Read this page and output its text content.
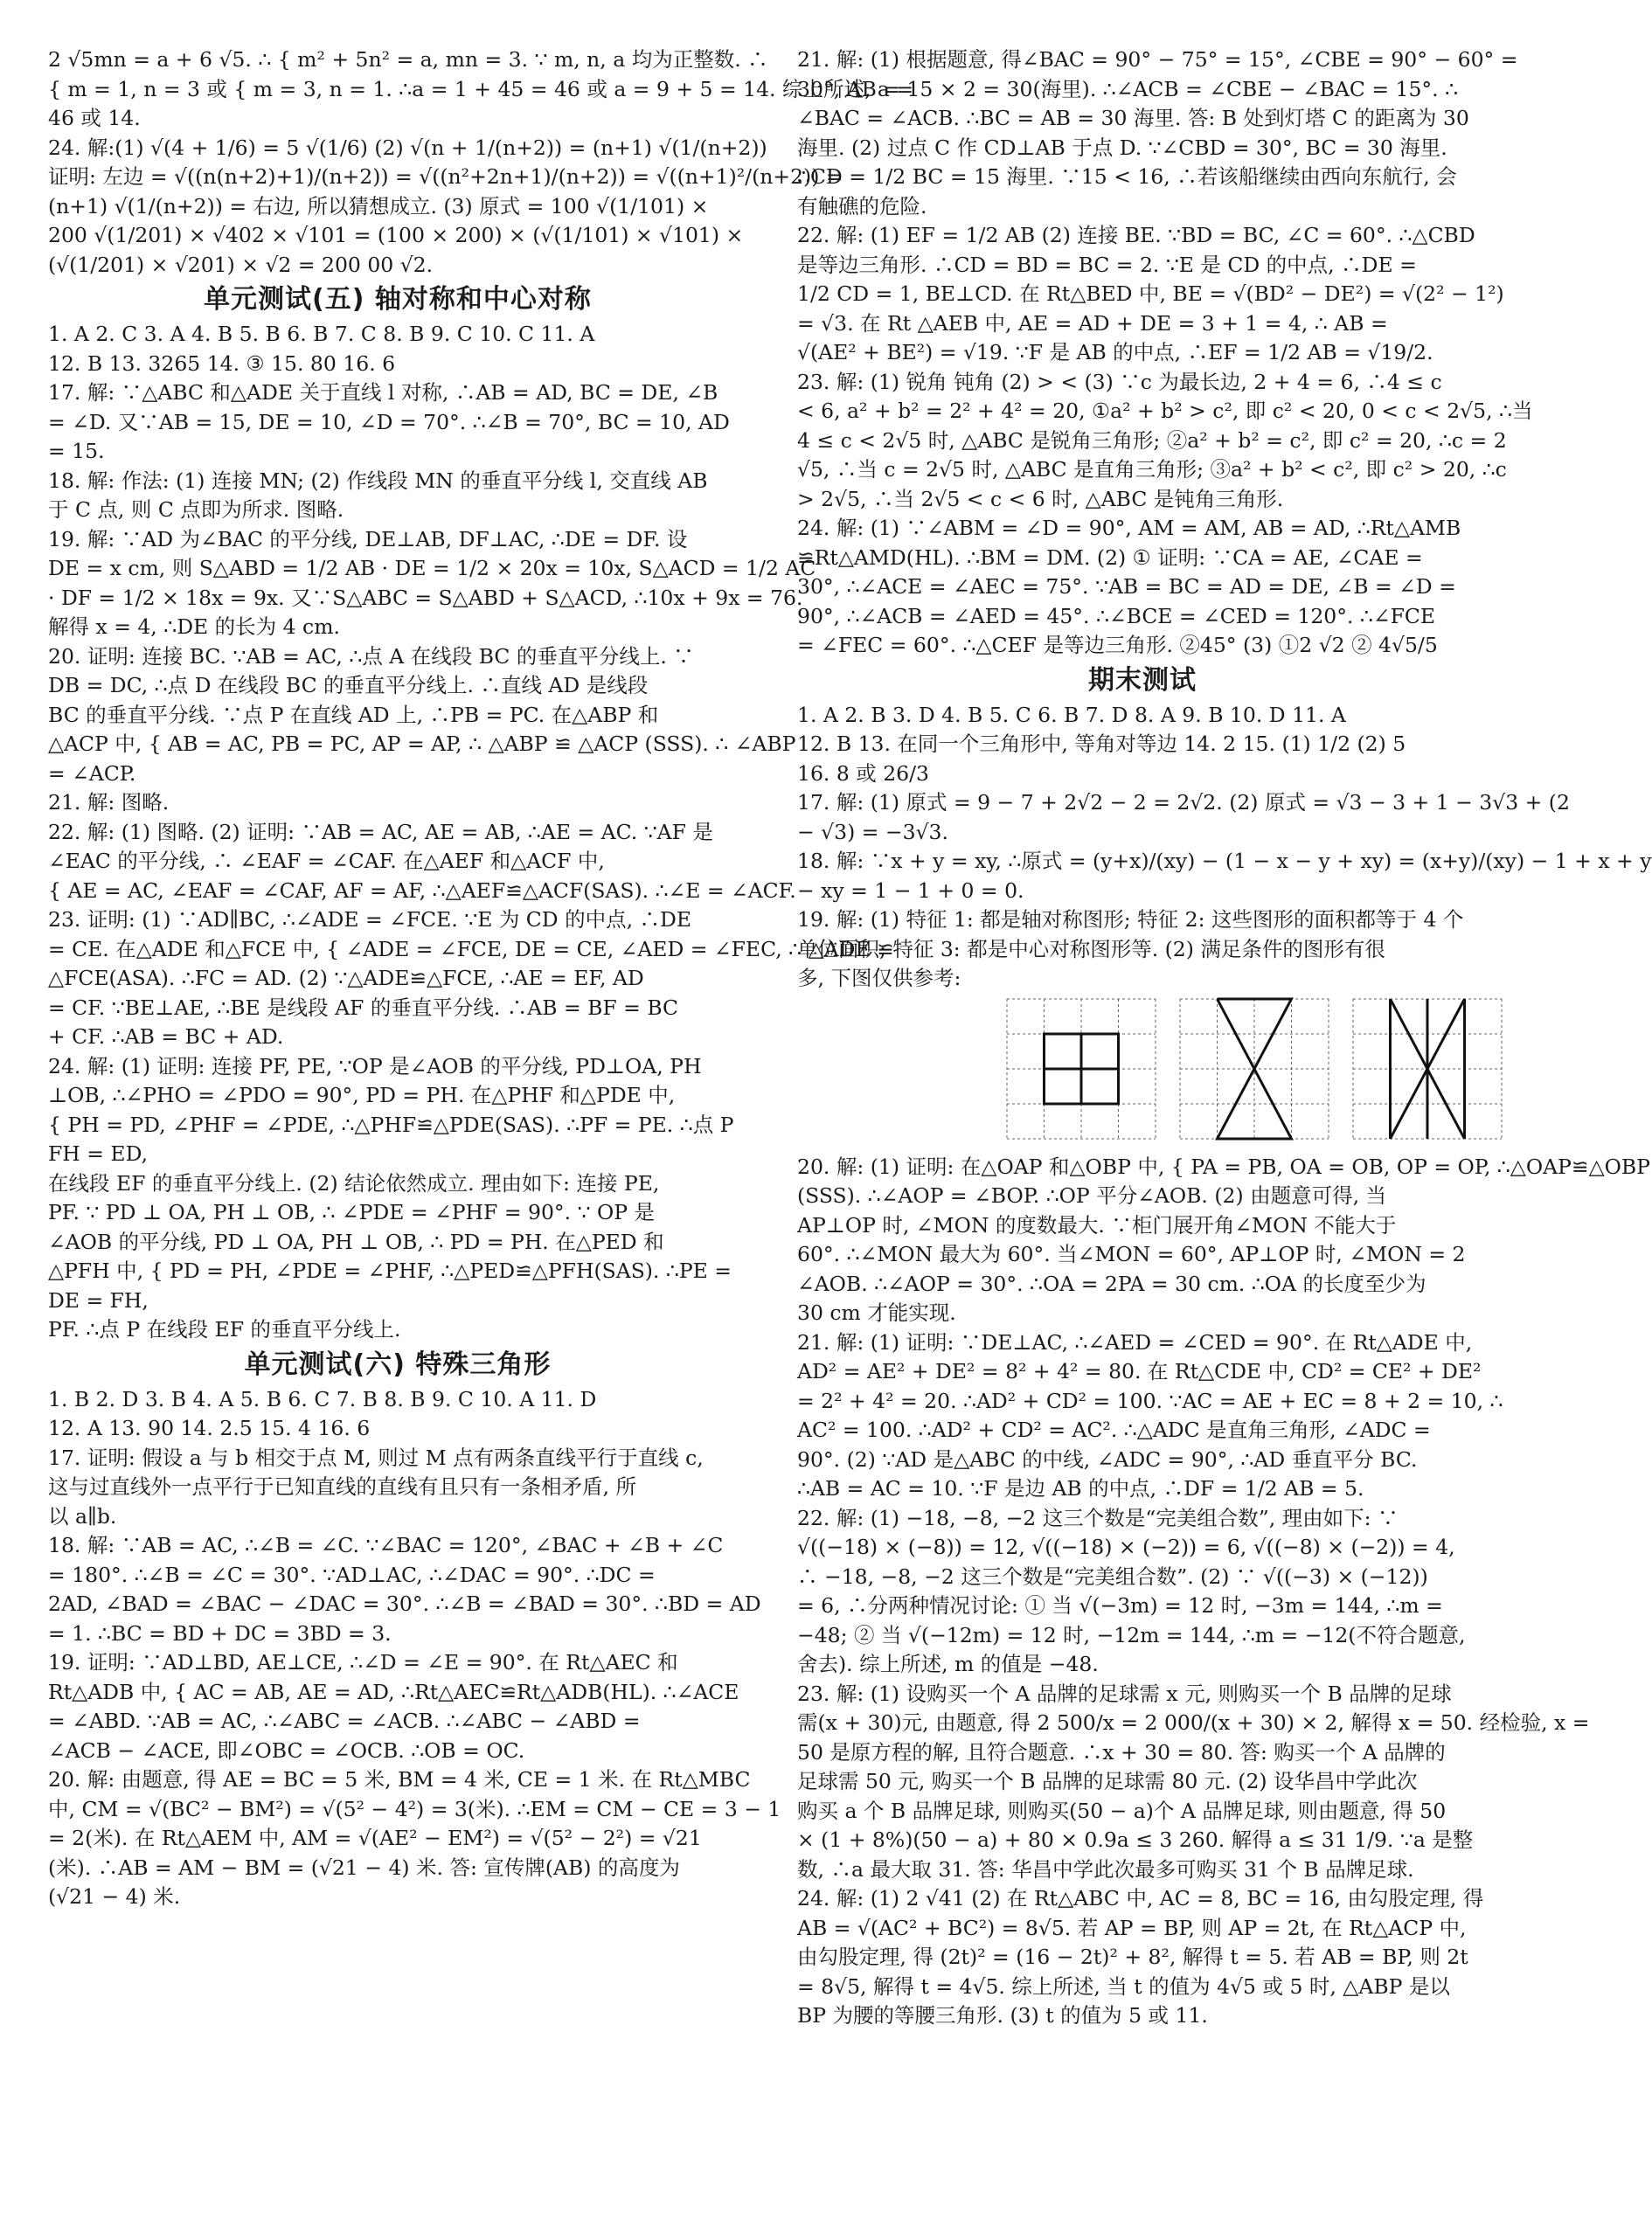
2 √5mn = a + 6 √5. ∴ { m² + 5n² = a, mn = 3. ∵ m, n, a 均为正整数. ∴
{ m = 1, n = 3 或 { m = 3, n = 1. ∴a = 1 + 45 = 46 或 a = 9 + 5 = 14. 综上所述, a =
46 或 14.
24. 解:(1) √(4 + 1/6) = 5 √(1/6) (2) √(n + 1/(n+2)) = (n+1) √(1/(n+2))
证明: 左边 = √((n(n+2)+1)/(n+2)) = √((n²+2n+1)/(n+2)) = √((n+1)²/(n+2)) =
(n+1) √(1/(n+2)) = 右边, 所以猜想成立. (3) 原式 = 100 √(1/101) ×
200 √(1/201) × √402 × √101 = (100 × 200) × (√(1/101) × √101) ×
(√(1/201) × √201) × √2 = 200 00 √2.
单元测试(五) 轴对称和中心对称
1. A 2. C 3. A 4. B 5. B 6. B 7. C 8. B 9. C 10. C 11. A
12. B 13. 3265 14. ③ 15. 80 16. 6
17. 解: ∵△ABC 和△ADE 关于直线 l 对称, ∴AB = AD, BC = DE, ∠B
= ∠D. 又∵AB = 15, DE = 10, ∠D = 70°. ∴∠B = 70°, BC = 10, AD
= 15.
18. 解: 作法: (1) 连接 MN; (2) 作线段 MN 的垂直平分线 l, 交直线 AB
于 C 点, 则 C 点即为所求. 图略.
19. 解: ∵AD 为∠BAC 的平分线, DE⊥AB, DF⊥AC, ∴DE = DF. 设
DE = x cm, 则 S△ABD = 1/2 AB · DE = 1/2 × 20x = 10x, S△ACD = 1/2 AC
· DF = 1/2 × 18x = 9x. 又∵S△ABC = S△ABD + S△ACD, ∴10x + 9x = 76.
解得 x = 4, ∴DE 的长为 4 cm.
20. 证明: 连接 BC. ∵AB = AC, ∴点 A 在线段 BC 的垂直平分线上. ∵
DB = DC, ∴点 D 在线段 BC 的垂直平分线上. ∴直线 AD 是线段
BC 的垂直平分线. ∵点 P 在直线 AD 上, ∴PB = PC. 在△ABP 和
△ACP 中, { AB = AC, PB = PC, AP = AP, ∴ △ABP ≌ △ACP (SSS). ∴ ∠ABP
= ∠ACP.
21. 解: 图略.
22. 解: (1) 图略. (2) 证明: ∵AB = AC, AE = AB, ∴AE = AC. ∵AF 是
∠EAC 的平分线, ∴ ∠EAF = ∠CAF. 在△AEF 和△ACF 中,
{ AE = AC, ∠EAF = ∠CAF, AF = AF, ∴△AEF≌△ACF(SAS). ∴∠E = ∠ACF.
23. 证明: (1) ∵AD∥BC, ∴∠ADE = ∠FCE. ∵E 为 CD 的中点, ∴DE
= CE. 在△ADE 和△FCE 中, { ∠ADE = ∠FCE, DE = CE, ∠AED = ∠FEC, ∴ △ADE ≌
△FCE(ASA). ∴FC = AD. (2) ∵△ADE≌△FCE, ∴AE = EF, AD
= CF. ∵BE⊥AE, ∴BE 是线段 AF 的垂直平分线. ∴AB = BF = BC
+ CF. ∴AB = BC + AD.
24. 解: (1) 证明: 连接 PF, PE, ∵OP 是∠AOB 的平分线, PD⊥OA, PH
⊥OB, ∴∠PHO = ∠PDO = 90°, PD = PH. 在△PHF 和△PDE 中,
{ PH = PD, ∠PHF = ∠PDE, ∴△PHF≌△PDE(SAS). ∴PF = PE. ∴点 P
FH = ED,
在线段 EF 的垂直平分线上. (2) 结论依然成立. 理由如下: 连接 PE,
PF. ∵ PD ⊥ OA, PH ⊥ OB, ∴ ∠PDE = ∠PHF = 90°. ∵ OP 是
∠AOB 的平分线, PD ⊥ OA, PH ⊥ OB, ∴ PD = PH. 在△PED 和
△PFH 中, { PD = PH, ∠PDE = ∠PHF, ∴△PED≌△PFH(SAS). ∴PE =
DE = FH,
PF. ∴点 P 在线段 EF 的垂直平分线上.
单元测试(六) 特殊三角形
1. B 2. D 3. B 4. A 5. B 6. C 7. B 8. B 9. C 10. A 11. D
12. A 13. 90 14. 2.5 15. 4 16. 6
17. 证明: 假设 a 与 b 相交于点 M, 则过 M 点有两条直线平行于直线 c,
这与过直线外一点平行于已知直线的直线有且只有一条相矛盾, 所
以 a∥b.
18. 解: ∵AB = AC, ∴∠B = ∠C. ∵∠BAC = 120°, ∠BAC + ∠B + ∠C
= 180°. ∴∠B = ∠C = 30°. ∵AD⊥AC, ∴∠DAC = 90°. ∴DC =
2AD, ∠BAD = ∠BAC − ∠DAC = 30°. ∴∠B = ∠BAD = 30°. ∴BD = AD
= 1. ∴BC = BD + DC = 3BD = 3.
19. 证明: ∵AD⊥BD, AE⊥CE, ∴∠D = ∠E = 90°. 在 Rt△AEC 和
Rt△ADB 中, { AC = AB, AE = AD, ∴Rt△AEC≌Rt△ADB(HL). ∴∠ACE
= ∠ABD. ∵AB = AC, ∴∠ABC = ∠ACB. ∴∠ABC − ∠ABD =
∠ACB − ∠ACE, 即∠OBC = ∠OCB. ∴OB = OC.
20. 解: 由题意, 得 AE = BC = 5 米, BM = 4 米, CE = 1 米. 在 Rt△MBC
中, CM = √(BC² − BM²) = √(5² − 4²) = 3(米). ∴EM = CM − CE = 3 − 1
= 2(米). 在 Rt△AEM 中, AM = √(AE² − EM²) = √(5² − 2²) = √21
(米). ∴AB = AM − BM = (√21 − 4) 米. 答: 宣传牌(AB) 的高度为
(√21 − 4) 米.
21. 解: (1) 根据题意, 得∠BAC = 90° − 75° = 15°, ∠CBE = 90° − 60° =
30°, AB = 15 × 2 = 30(海里). ∴∠ACB = ∠CBE − ∠BAC = 15°. ∴
∠BAC = ∠ACB. ∴BC = AB = 30 海里. 答: B 处到灯塔 C 的距离为 30
海里. (2) 过点 C 作 CD⊥AB 于点 D. ∵∠CBD = 30°, BC = 30 海里.
∴CD = 1/2 BC = 15 海里. ∵15 < 16, ∴若该船继续由西向东航行, 会
有触礁的危险.
22. 解: (1) EF = 1/2 AB (2) 连接 BE. ∵BD = BC, ∠C = 60°. ∴△CBD
是等边三角形. ∴CD = BD = BC = 2. ∵E 是 CD 的中点, ∴DE =
1/2 CD = 1, BE⊥CD. 在 Rt△BED 中, BE = √(BD² − DE²) = √(2² − 1²)
= √3. 在 Rt △AEB 中, AE = AD + DE = 3 + 1 = 4, ∴ AB =
√(AE² + BE²) = √19. ∵F 是 AB 的中点, ∴EF = 1/2 AB = √19/2.
23. 解: (1) 锐角 钝角 (2) > < (3) ∵c 为最长边, 2 + 4 = 6, ∴4 ≤ c
< 6, a² + b² = 2² + 4² = 20, ①a² + b² > c², 即 c² < 20, 0 < c < 2√5, ∴当
4 ≤ c < 2√5 时, △ABC 是锐角三角形; ②a² + b² = c², 即 c² = 20, ∴c = 2
√5, ∴当 c = 2√5 时, △ABC 是直角三角形; ③a² + b² < c², 即 c² > 20, ∴c
> 2√5, ∴当 2√5 < c < 6 时, △ABC 是钝角三角形.
24. 解: (1) ∵∠ABM = ∠D = 90°, AM = AM, AB = AD, ∴Rt△AMB
≌Rt△AMD(HL). ∴BM = DM. (2) ① 证明: ∵CA = AE, ∠CAE =
30°, ∴∠ACE = ∠AEC = 75°. ∵AB = BC = AD = DE, ∠B = ∠D =
90°, ∴∠ACB = ∠AED = 45°. ∴∠BCE = ∠CED = 120°. ∴∠FCE
= ∠FEC = 60°. ∴△CEF 是等边三角形. ②45° (3) ①2 √2 ② 4√5/5
期末测试
1. A 2. B 3. D 4. B 5. C 6. B 7. D 8. A 9. B 10. D 11. A
12. B 13. 在同一个三角形中, 等角对等边 14. 2 15. (1) 1/2 (2) 5
16. 8 或 26/3
17. 解: (1) 原式 = 9 − 7 + 2√2 − 2 = 2√2. (2) 原式 = √3 − 3 + 1 − 3√3 + (2
− √3) = −3√3.
18. 解: ∵x + y = xy, ∴原式 = (y+x)/(xy) − (1 − x − y + xy) = (x+y)/(xy) − 1 + x + y
− xy = 1 − 1 + 0 = 0.
19. 解: (1) 特征 1: 都是轴对称图形; 特征 2: 这些图形的面积都等于 4 个
单位面积; 特征 3: 都是中心对称图形等. (2) 满足条件的图形有很
多, 下图仅供参考:
20. 解: (1) 证明: 在△OAP 和△OBP 中, { PA = PB, OA = OB, OP = OP, ∴△OAP≌△OBP
(SSS). ∴∠AOP = ∠BOP. ∴OP 平分∠AOB. (2) 由题意可得, 当
AP⊥OP 时, ∠MON 的度数最大. ∵柜门展开角∠MON 不能大于
60°. ∴∠MON 最大为 60°. 当∠MON = 60°, AP⊥OP 时, ∠MON = 2
∠AOB. ∴∠AOP = 30°. ∴OA = 2PA = 30 cm. ∴OA 的长度至少为
30 cm 才能实现.
21. 解: (1) 证明: ∵DE⊥AC, ∴∠AED = ∠CED = 90°. 在 Rt△ADE 中,
AD² = AE² + DE² = 8² + 4² = 80. 在 Rt△CDE 中, CD² = CE² + DE²
= 2² + 4² = 20. ∴AD² + CD² = 100. ∵AC = AE + EC = 8 + 2 = 10, ∴
AC² = 100. ∴AD² + CD² = AC². ∴△ADC 是直角三角形, ∠ADC =
90°. (2) ∵AD 是△ABC 的中线, ∠ADC = 90°, ∴AD 垂直平分 BC.
∴AB = AC = 10. ∵F 是边 AB 的中点, ∴DF = 1/2 AB = 5.
22. 解: (1) −18, −8, −2 这三个数是“完美组合数”, 理由如下: ∵
√((−18) × (−8)) = 12, √((−18) × (−2)) = 6, √((−8) × (−2)) = 4,
∴ −18, −8, −2 这三个数是“完美组合数”. (2) ∵ √((−3) × (−12))
= 6, ∴分两种情况讨论: ① 当 √(−3m) = 12 时, −3m = 144, ∴m =
−48; ② 当 √(−12m) = 12 时, −12m = 144, ∴m = −12(不符合题意,
舍去). 综上所述, m 的值是 −48.
23. 解: (1) 设购买一个 A 品牌的足球需 x 元, 则购买一个 B 品牌的足球
需(x + 30)元, 由题意, 得 2 500/x = 2 000/(x + 30) × 2, 解得 x = 50. 经检验, x =
50 是原方程的解, 且符合题意. ∴x + 30 = 80. 答: 购买一个 A 品牌的
足球需 50 元, 购买一个 B 品牌的足球需 80 元. (2) 设华昌中学此次
购买 a 个 B 品牌足球, 则购买(50 − a)个 A 品牌足球, 则由题意, 得 50
× (1 + 8%)(50 − a) + 80 × 0.9a ≤ 3 260. 解得 a ≤ 31 1/9. ∵a 是整
数, ∴a 最大取 31. 答: 华昌中学此次最多可购买 31 个 B 品牌足球.
24. 解: (1) 2 √41 (2) 在 Rt△ABC 中, AC = 8, BC = 16, 由勾股定理, 得
AB = √(AC² + BC²) = 8√5. 若 AP = BP, 则 AP = 2t, 在 Rt△ACP 中,
由勾股定理, 得 (2t)² = (16 − 2t)² + 8², 解得 t = 5. 若 AB = BP, 则 2t
= 8√5, 解得 t = 4√5. 综上所述, 当 t 的值为 4√5 或 5 时, △ABP 是以
BP 为腰的等腰三角形. (3) t 的值为 5 或 11.
